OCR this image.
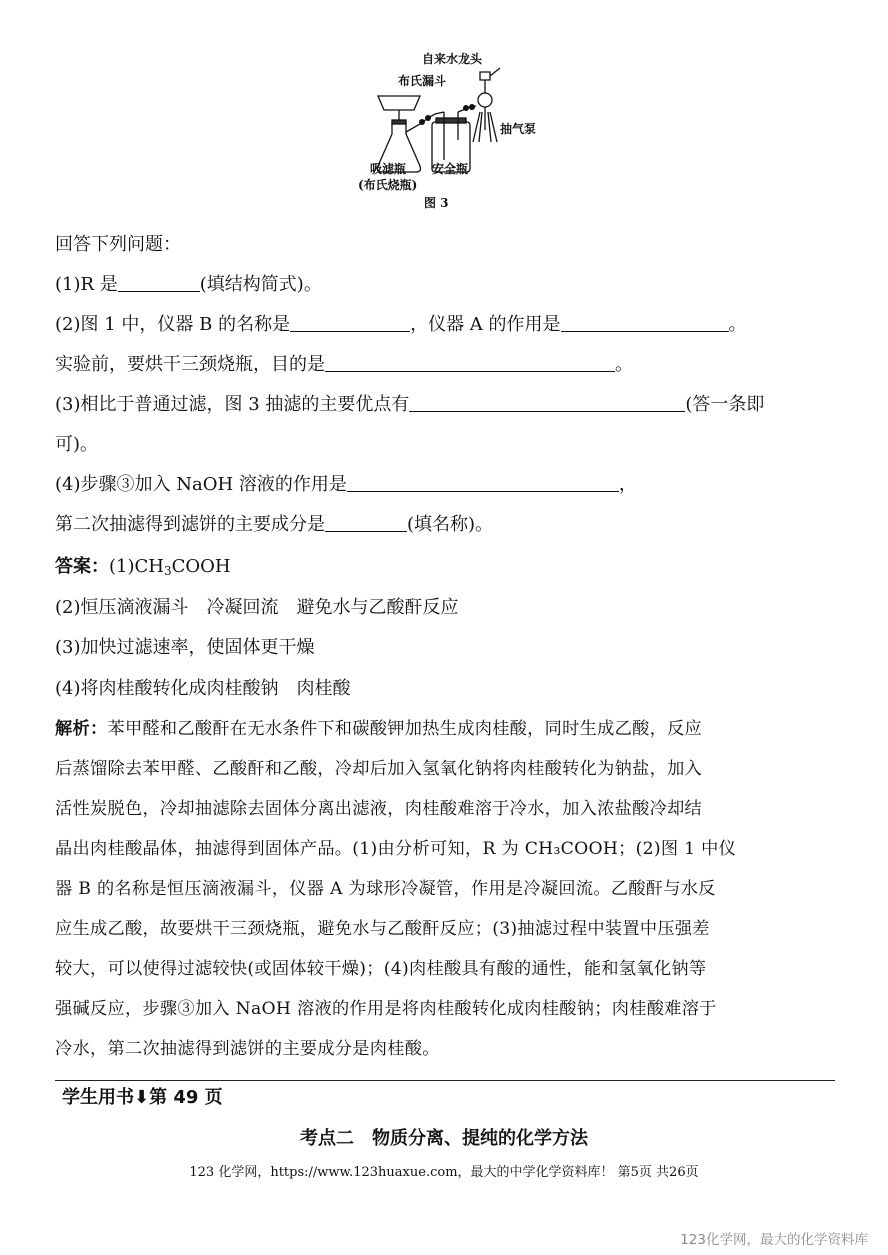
自来水龙头
布氏漏斗
抽气泵
吸滤瓶
(布氏烧瓶)
安全瓶
图 3
回答下列问题：
(1)R 是	(填结构简式)。
(2)图 1 中，仪器 B 的名称是	，仪器 A 的作用是	。
实验前，要烘干三颈烧瓶，目的是	。
(3)相比于普通过滤，图 3 抽滤的主要优点有	(答一条即
可)。
(4)步骤③加入 NaOH 溶液的作用是	，
第二次抽滤得到滤饼的主要成分是	(填名称)。
答案：$(1)CH_3COOH$
(2)恒压滴液漏斗　冷凝回流　避免水与乙酸酐反应
(3)加快过滤速率，使固体更干燥
(4)将肉桂酸转化成肉桂酸钠　肉桂酸
解析：苯甲醛和乙酸酐在无水条件下和碳酸钾加热生成肉桂酸，同时生成乙酸，反应
后蒸馏除去苯甲醛、乙酸酐和乙酸，冷却后加入氢氧化钠将肉桂酸转化为钠盐，加入
活性炭脱色，冷却抽滤除去固体分离出滤液，肉桂酸难溶于冷水，加入浓盐酸冷却结
晶出肉桂酸晶体，抽滤得到固体产品。(1)由分析可知，R 为 CH₃COOH；(2)图 1 中仪
器 B 的名称是恒压滴液漏斗，仪器 A 为球形冷凝管，作用是冷凝回流。乙酸酐与水反
应生成乙酸，故要烘干三颈烧瓶，避免水与乙酸酐反应；(3)抽滤过程中装置中压强差
较大，可以使得过滤较快(或固体较干燥)；(4)肉桂酸具有酸的通性，能和氢氧化钠等
强碱反应，步骤③加入 NaOH 溶液的作用是将肉桂酸转化成肉桂酸钠；肉桂酸难溶于
冷水，第二次抽滤得到滤饼的主要成分是肉桂酸。
学生用书⬇第 49 页
考点二　物质分离、提纯的化学方法
123 化学网，https://www.123huaxue.com，最大的中学化学资料库！ 第5页 共26页
123化学网，最大的化学资料库
